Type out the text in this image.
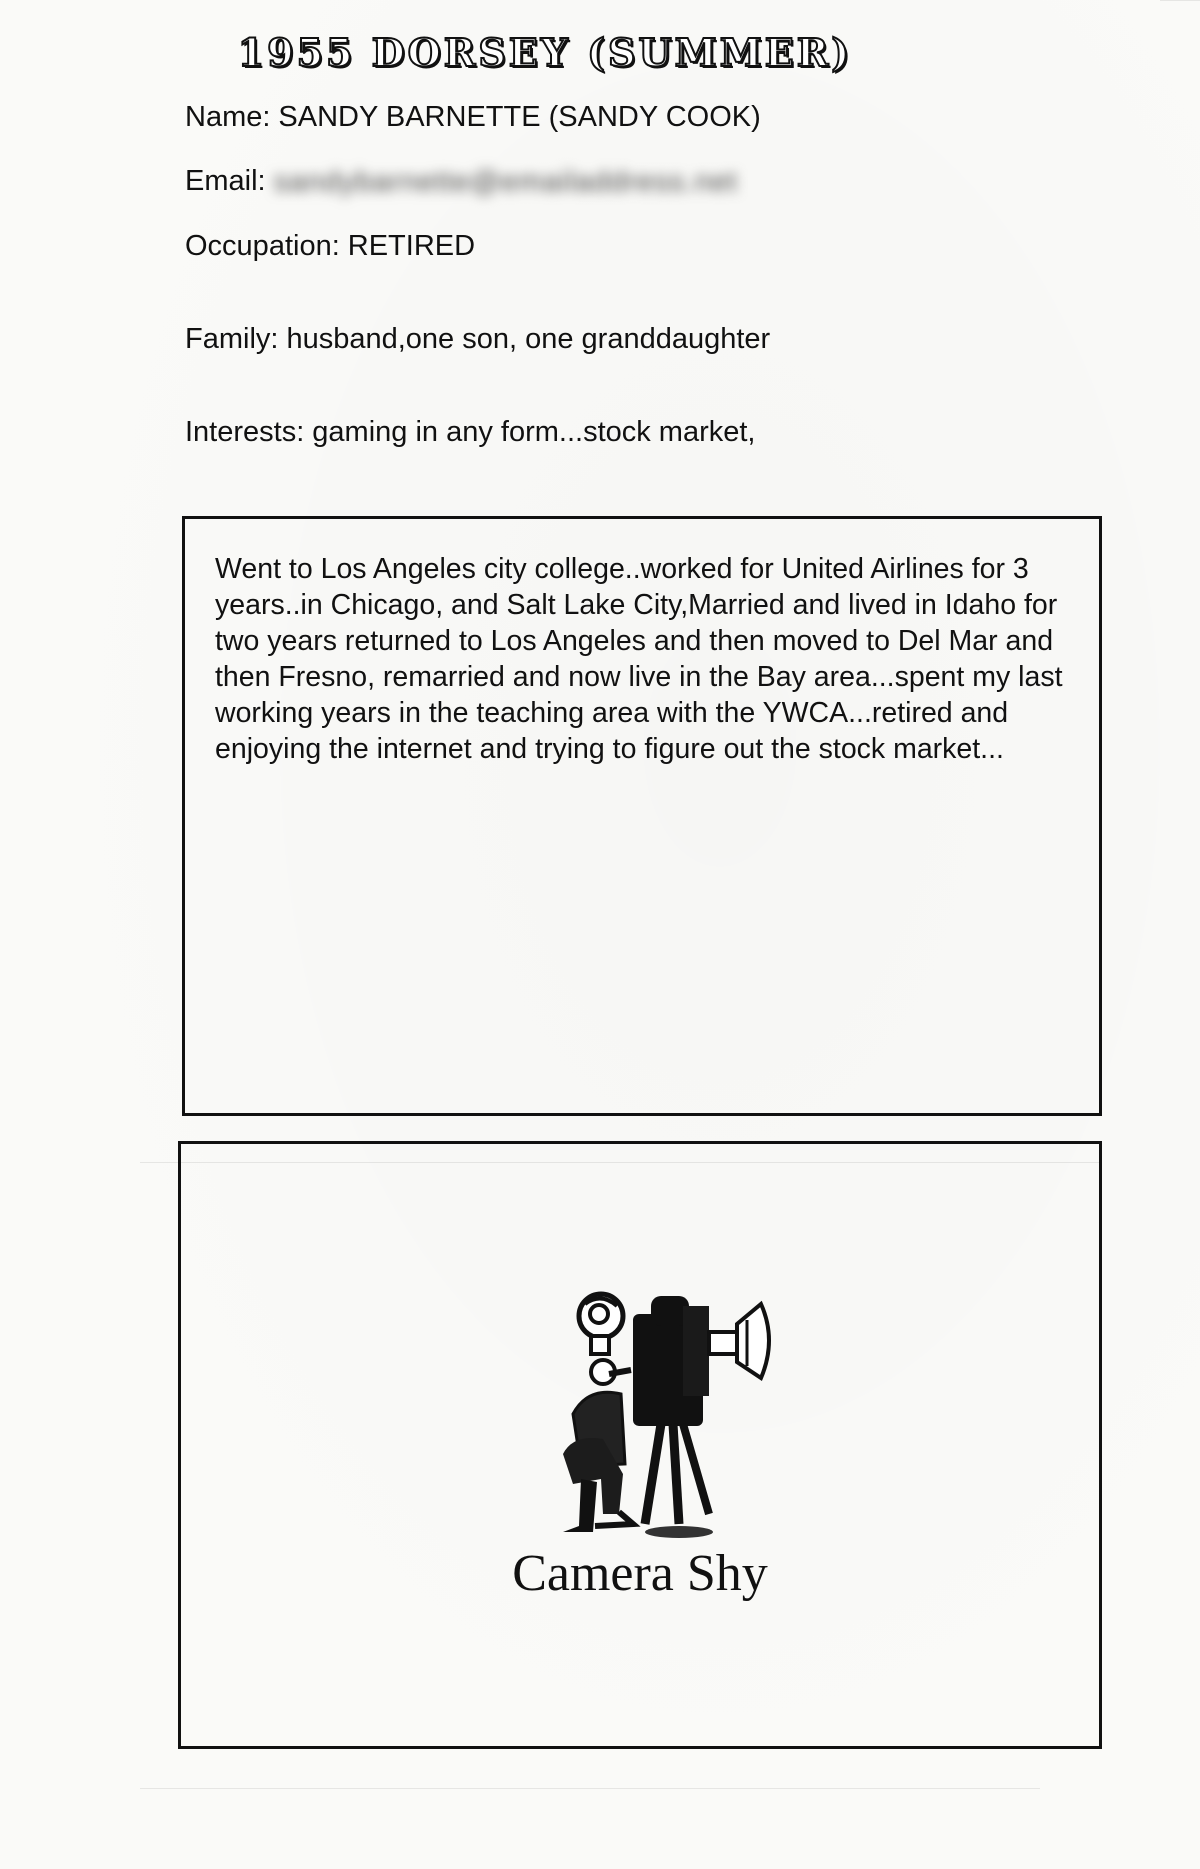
1955 DORSEY (SUMMER)
Name: SANDY BARNETTE (SANDY COOK)
Email: sandybarnette@emailaddress.net
Occupation: RETIRED
Family: husband,one son, one granddaughter
Interests: gaming in any form...stock market,
Went to Los Angeles city college..worked for United Airlines for 3 years..in Chicago, and Salt Lake City,Married and lived in Idaho for two years returned to Los Angeles and then moved to Del Mar and then Fresno, remarried and now live in the Bay area...spent my last working years in the teaching area with the YWCA...retired and enjoying the internet and trying to figure out the stock market...
Camera Shy
